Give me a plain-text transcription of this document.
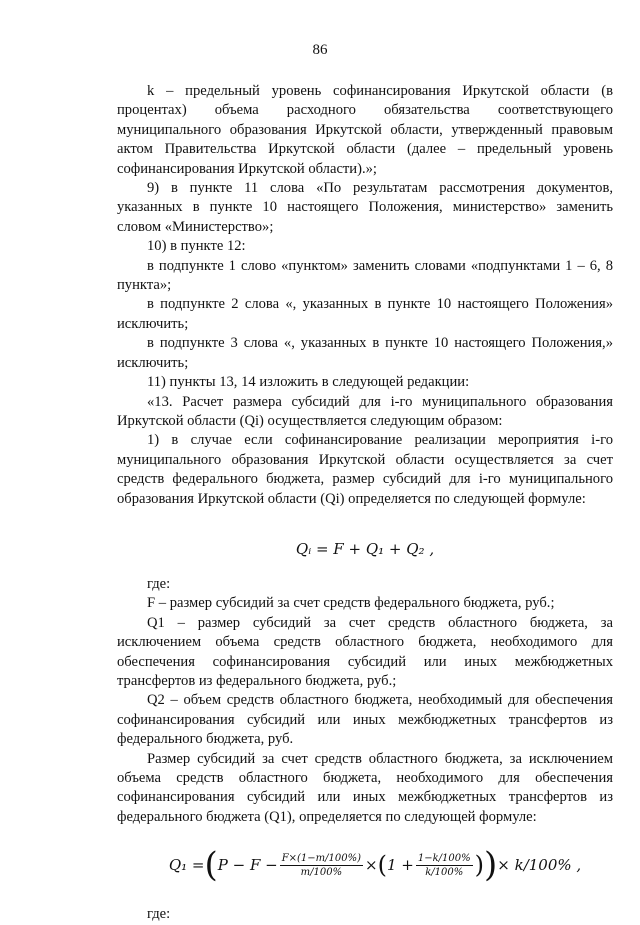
86

k – предельный уровень софинансирования Иркутской области (в процентах) объема расходного обязательства соответствующего муниципального образования Иркутской области, утвержденный правовым актом Правительства Иркутской области (далее – предельный уровень софинансирования Иркутской области).»;

9) в пункте 11 слова «По результатам рассмотрения документов, указанных в пункте 10 настоящего Положения, министерство» заменить словом «Министерство»;

10) в пункте 12:

в подпункте 1 слово «пунктом» заменить словами «подпунктами 1 – 6, 8 пункта»;

в подпункте 2 слова «, указанных в пункте 10 настоящего Положения» исключить;

в подпункте 3 слова «, указанных в пункте 10 настоящего Положения,» исключить;

11) пункты 13, 14 изложить в следующей редакции:

«13. Расчет размера субсидий для i-го муниципального образования Иркутской области (Qi) осуществляется следующим образом:

1) в случае если софинансирование реализации мероприятия i-го муниципального образования Иркутской области осуществляется за счет средств федерального бюджета, размер субсидий для i-го муниципального образования Иркутской области (Qi) определяется по следующей формуле:

Qᵢ = F + Q₁ + Q₂ ,

где:

F – размер субсидий за счет средств федерального бюджета, руб.;

Q1 – размер субсидий за счет средств областного бюджета, за исключением объема средств областного бюджета, необходимого для обеспечения софинансирования субсидий или иных межбюджетных трансфертов из федерального бюджета, руб.;

Q2 – объем средств областного бюджета, необходимый для обеспечения софинансирования субсидий или иных межбюджетных трансфертов из федерального бюджета, руб.

Размер субсидий за счет средств областного бюджета, за исключением объема средств областного бюджета, необходимого для обеспечения софинансирования субсидий или иных межбюджетных трансфертов из федерального бюджета (Q1), определяется по следующей формуле:

Q₁ = ( $P - F - \frac{F\times(1-m/100\%)}{m/100\%}$ × ( $1 + \frac{1-k/100\%}{k/100\%}$ ) ) × k/100% ,

где:
